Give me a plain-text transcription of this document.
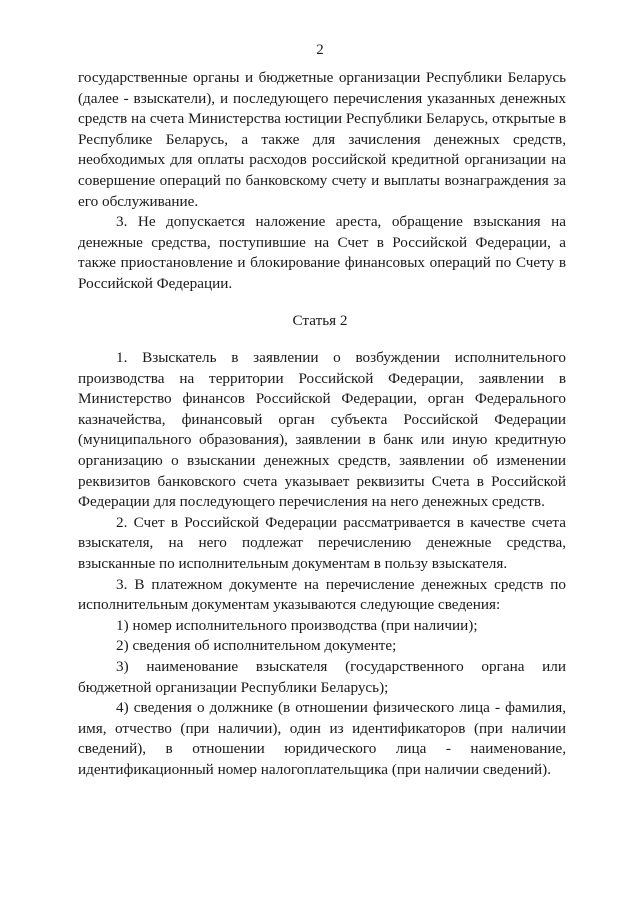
2

государственные органы и бюджетные организации Республики Беларусь (далее - взыскатели), и последующего перечисления указанных денежных средств на счета Министерства юстиции Республики Беларусь, открытые в Республике Беларусь, а также для зачисления денежных средств, необходимых для оплаты расходов российской кредитной организации на совершение операций по банковскому счету и выплаты вознаграждения за его обслуживание.

3. Не допускается наложение ареста, обращение взыскания на денежные средства, поступившие на Счет в Российской Федерации, а также приостановление и блокирование финансовых операций по Счету в Российской Федерации.

Статья 2

1. Взыскатель в заявлении о возбуждении исполнительного производства на территории Российской Федерации, заявлении в Министерство финансов Российской Федерации, орган Федерального казначейства, финансовый орган субъекта Российской Федерации (муниципального образования), заявлении в банк или иную кредитную организацию о взыскании денежных средств, заявлении об изменении реквизитов банковского счета указывает реквизиты Счета в Российской Федерации для последующего перечисления на него денежных средств.

2. Счет в Российской Федерации рассматривается в качестве счета взыскателя, на него подлежат перечислению денежные средства, взысканные по исполнительным документам в пользу взыскателя.

3. В платежном документе на перечисление денежных средств по исполнительным документам указываются следующие сведения:

1) номер исполнительного производства (при наличии);

2) сведения об исполнительном документе;

3) наименование взыскателя (государственного органа или бюджетной организации Республики Беларусь);

4) сведения о должнике (в отношении физического лица - фамилия, имя, отчество (при наличии), один из идентификаторов (при наличии сведений), в отношении юридического лица - наименование, идентификационный номер налогоплательщика (при наличии сведений).
